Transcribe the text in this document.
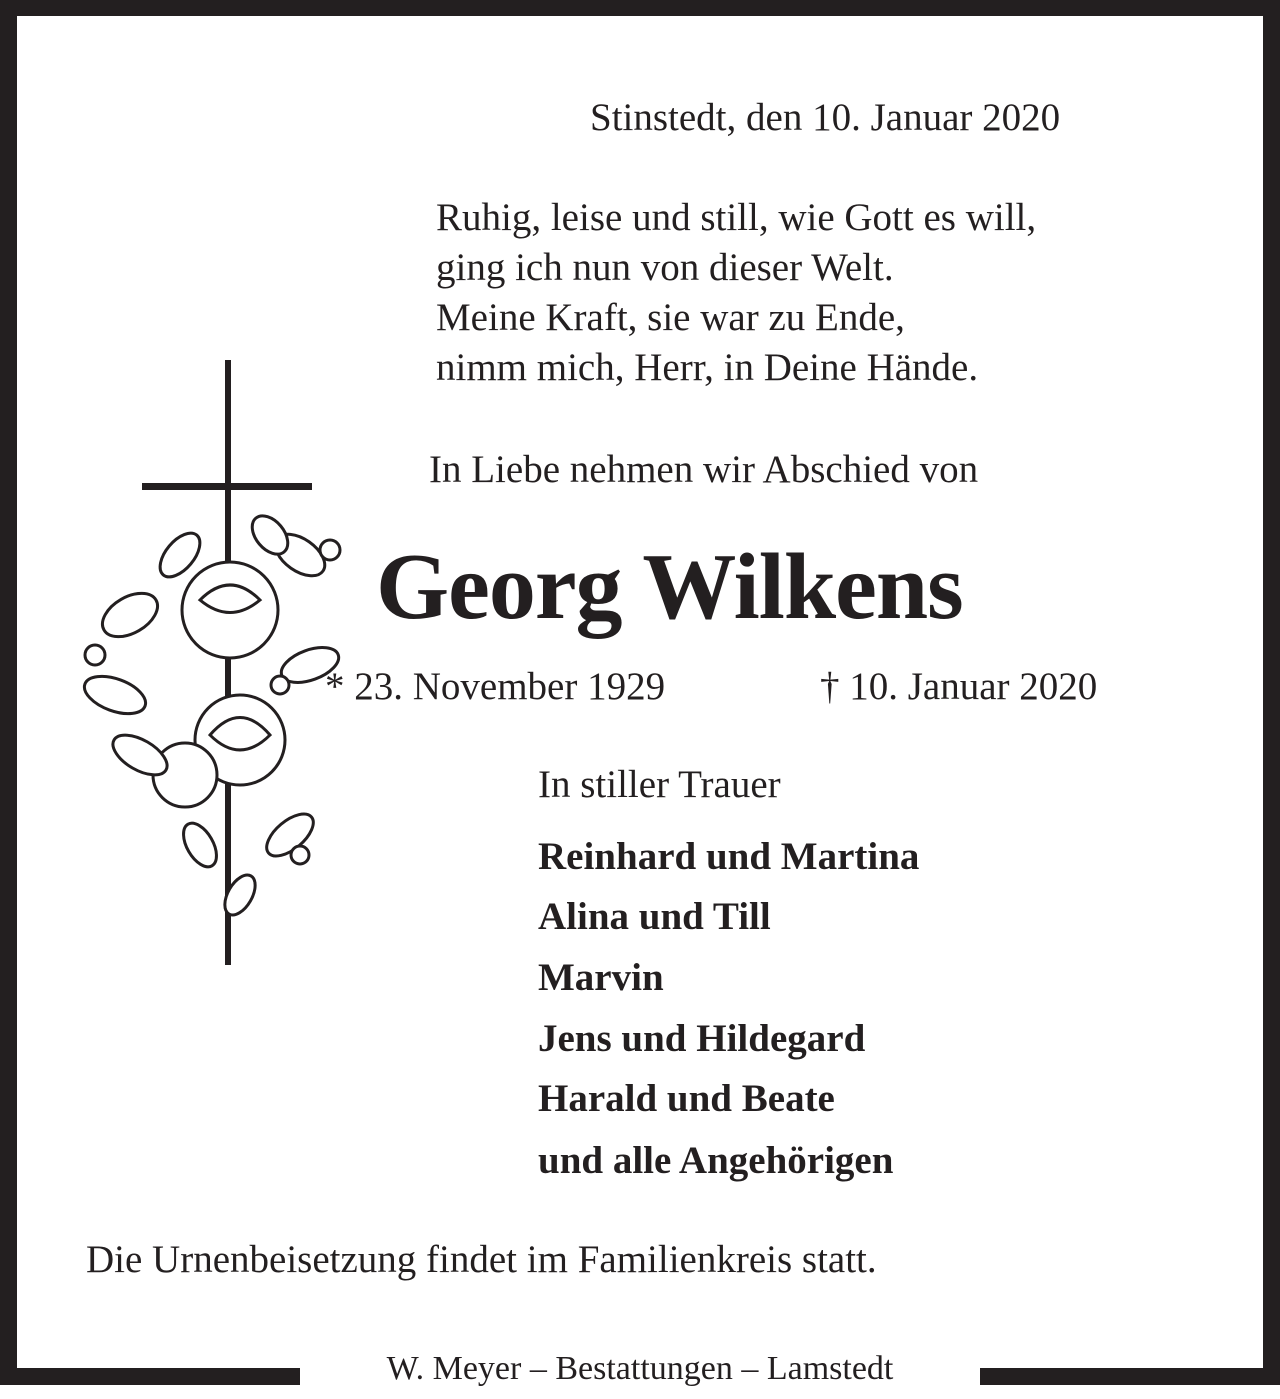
Stinstedt, den 10. Januar 2020
Ruhig, leise und still, wie Gott es will,
ging ich nun von dieser Welt.
Meine Kraft, sie war zu Ende,
nimm mich, Herr, in Deine Hände.
In Liebe nehmen wir Abschied von
Georg Wilkens
* 23. November 1929	† 10. Januar 2020
In stiller Trauer
Reinhard und Martina
Alina und Till
Marvin
Jens und Hildegard
Harald und Beate
und alle Angehörigen
Die Urnenbeisetzung findet im Familienkreis statt.
W. Meyer – Bestattungen – Lamstedt
